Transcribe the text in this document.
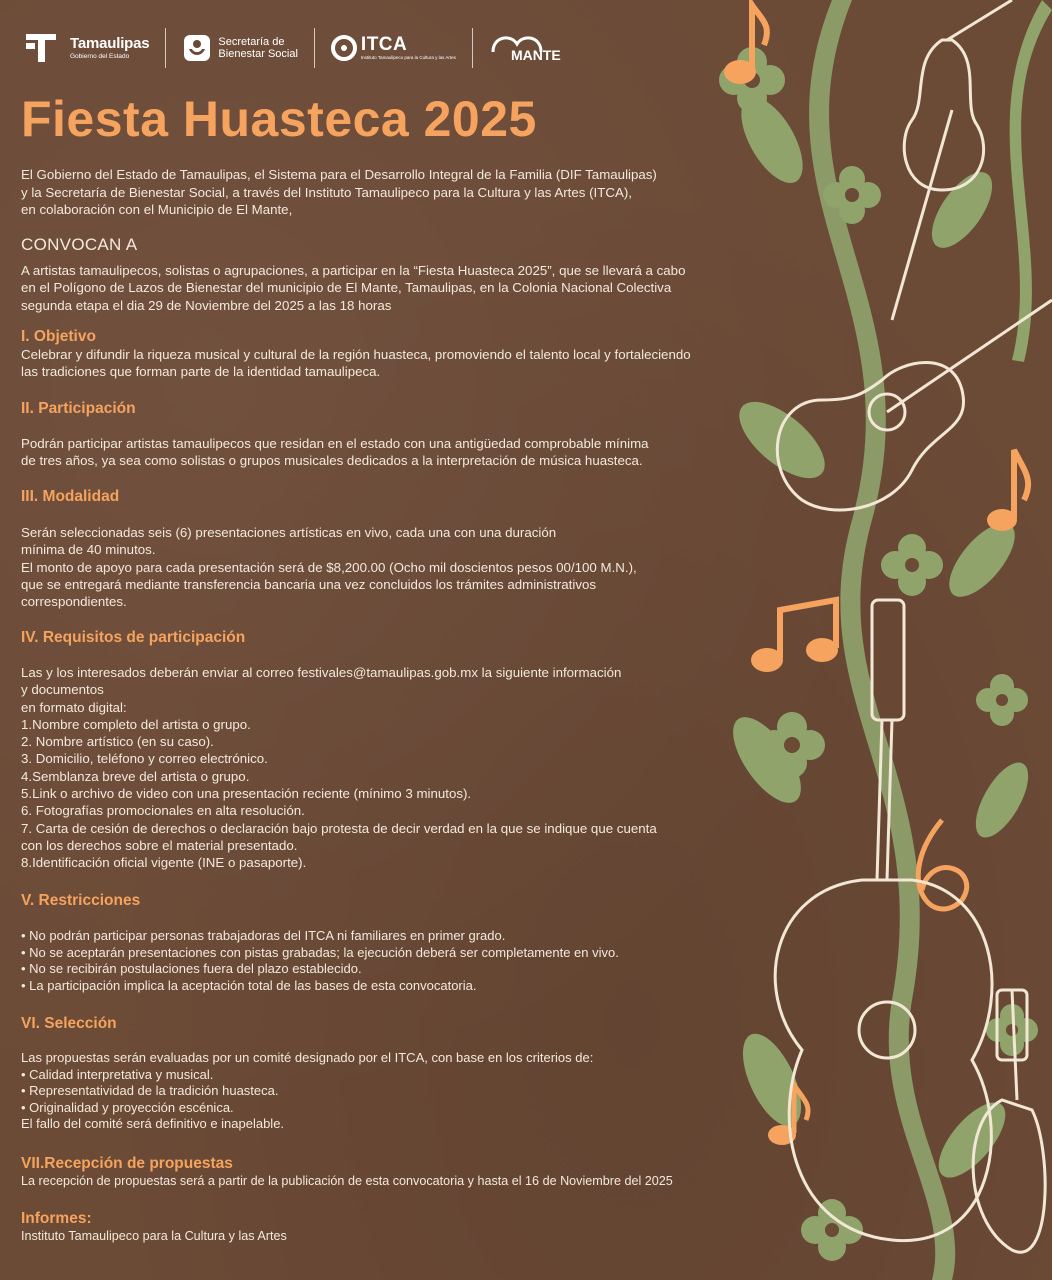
Tamaulipas
Gobierno del Estado
Secretaría de
Bienestar Social	ITCA
Instituto Tamaulipeco para la Cultura y las Artes	MANTE
Fiesta Huasteca 2025

El Gobierno del Estado de Tamaulipas, el Sistema para el Desarrollo Integral de la Familia (DIF Tamaulipas)

y la Secretaría de Bienestar Social, a través del Instituto Tamaulipeco para la Cultura y las Artes (ITCA),

en colaboración con el Municipio de El Mante,

CONVOCAN A

A artistas tamaulipecos, solistas o agrupaciones, a participar en la “Fiesta Huasteca 2025”, que se llevará a cabo

en el Polígono de Lazos de Bienestar del municipio de El Mante, Tamaulipas, en la Colonia Nacional Colectiva

segunda etapa el dia 29 de Noviembre del 2025 a las 18 horas

I. Objetivo

Celebrar y difundir la riqueza musical y cultural de la región huasteca, promoviendo el talento local y fortaleciendo

las tradiciones que forman parte de la identidad tamaulipeca.

II. Participación

Podrán participar artistas tamaulipecos que residan en el estado con una antigüedad comprobable mínima

de tres años, ya sea como solistas o grupos musicales dedicados a la interpretación de música huasteca.

III. Modalidad

Serán seleccionadas seis (6) presentaciones artísticas en vivo, cada una con una duración

mínima de 40 minutos.

El monto de apoyo para cada presentación será de $8,200.00 (Ocho mil doscientos pesos 00/100 M.N.),

que se entregará mediante transferencia bancaria una vez concluidos los trámites administrativos

correspondientes.

IV. Requisitos de participación

Las y los interesados deberán enviar al correo festivales@tamaulipas.gob.mx la siguiente información

y documentos

en formato digital:

1.Nombre completo del artista o grupo.

2. Nombre artístico (en su caso).

3. Domicilio, teléfono y correo electrónico.

4.Semblanza breve del artista o grupo.

5.Link o archivo de video con una presentación reciente (mínimo 3 minutos).

6. Fotografías promocionales en alta resolución.

7. Carta de cesión de derechos o declaración bajo protesta de decir verdad en la que se indique que cuenta

con los derechos sobre el material presentado.

8.Identificación oficial vigente (INE o pasaporte).

V. Restricciones

• No podrán participar personas trabajadoras del ITCA ni familiares en primer grado.

• No se aceptarán presentaciones con pistas grabadas; la ejecución deberá ser completamente en vivo.

• No se recibirán postulaciones fuera del plazo establecido.

• La participación implica la aceptación total de las bases de esta convocatoria.

VI. Selección

Las propuestas serán evaluadas por un comité designado por el ITCA, con base en los criterios de:

• Calidad interpretativa y musical.

• Representatividad de la tradición huasteca.

• Originalidad y proyección escénica.

El fallo del comité será definitivo e inapelable.

VII.Recepción de propuestas
La recepción de propuestas será a partir de la publicación de esta convocatoria y hasta el 16 de Noviembre del 2025
Informes:
Instituto Tamaulipeco para la Cultura y las Artes
